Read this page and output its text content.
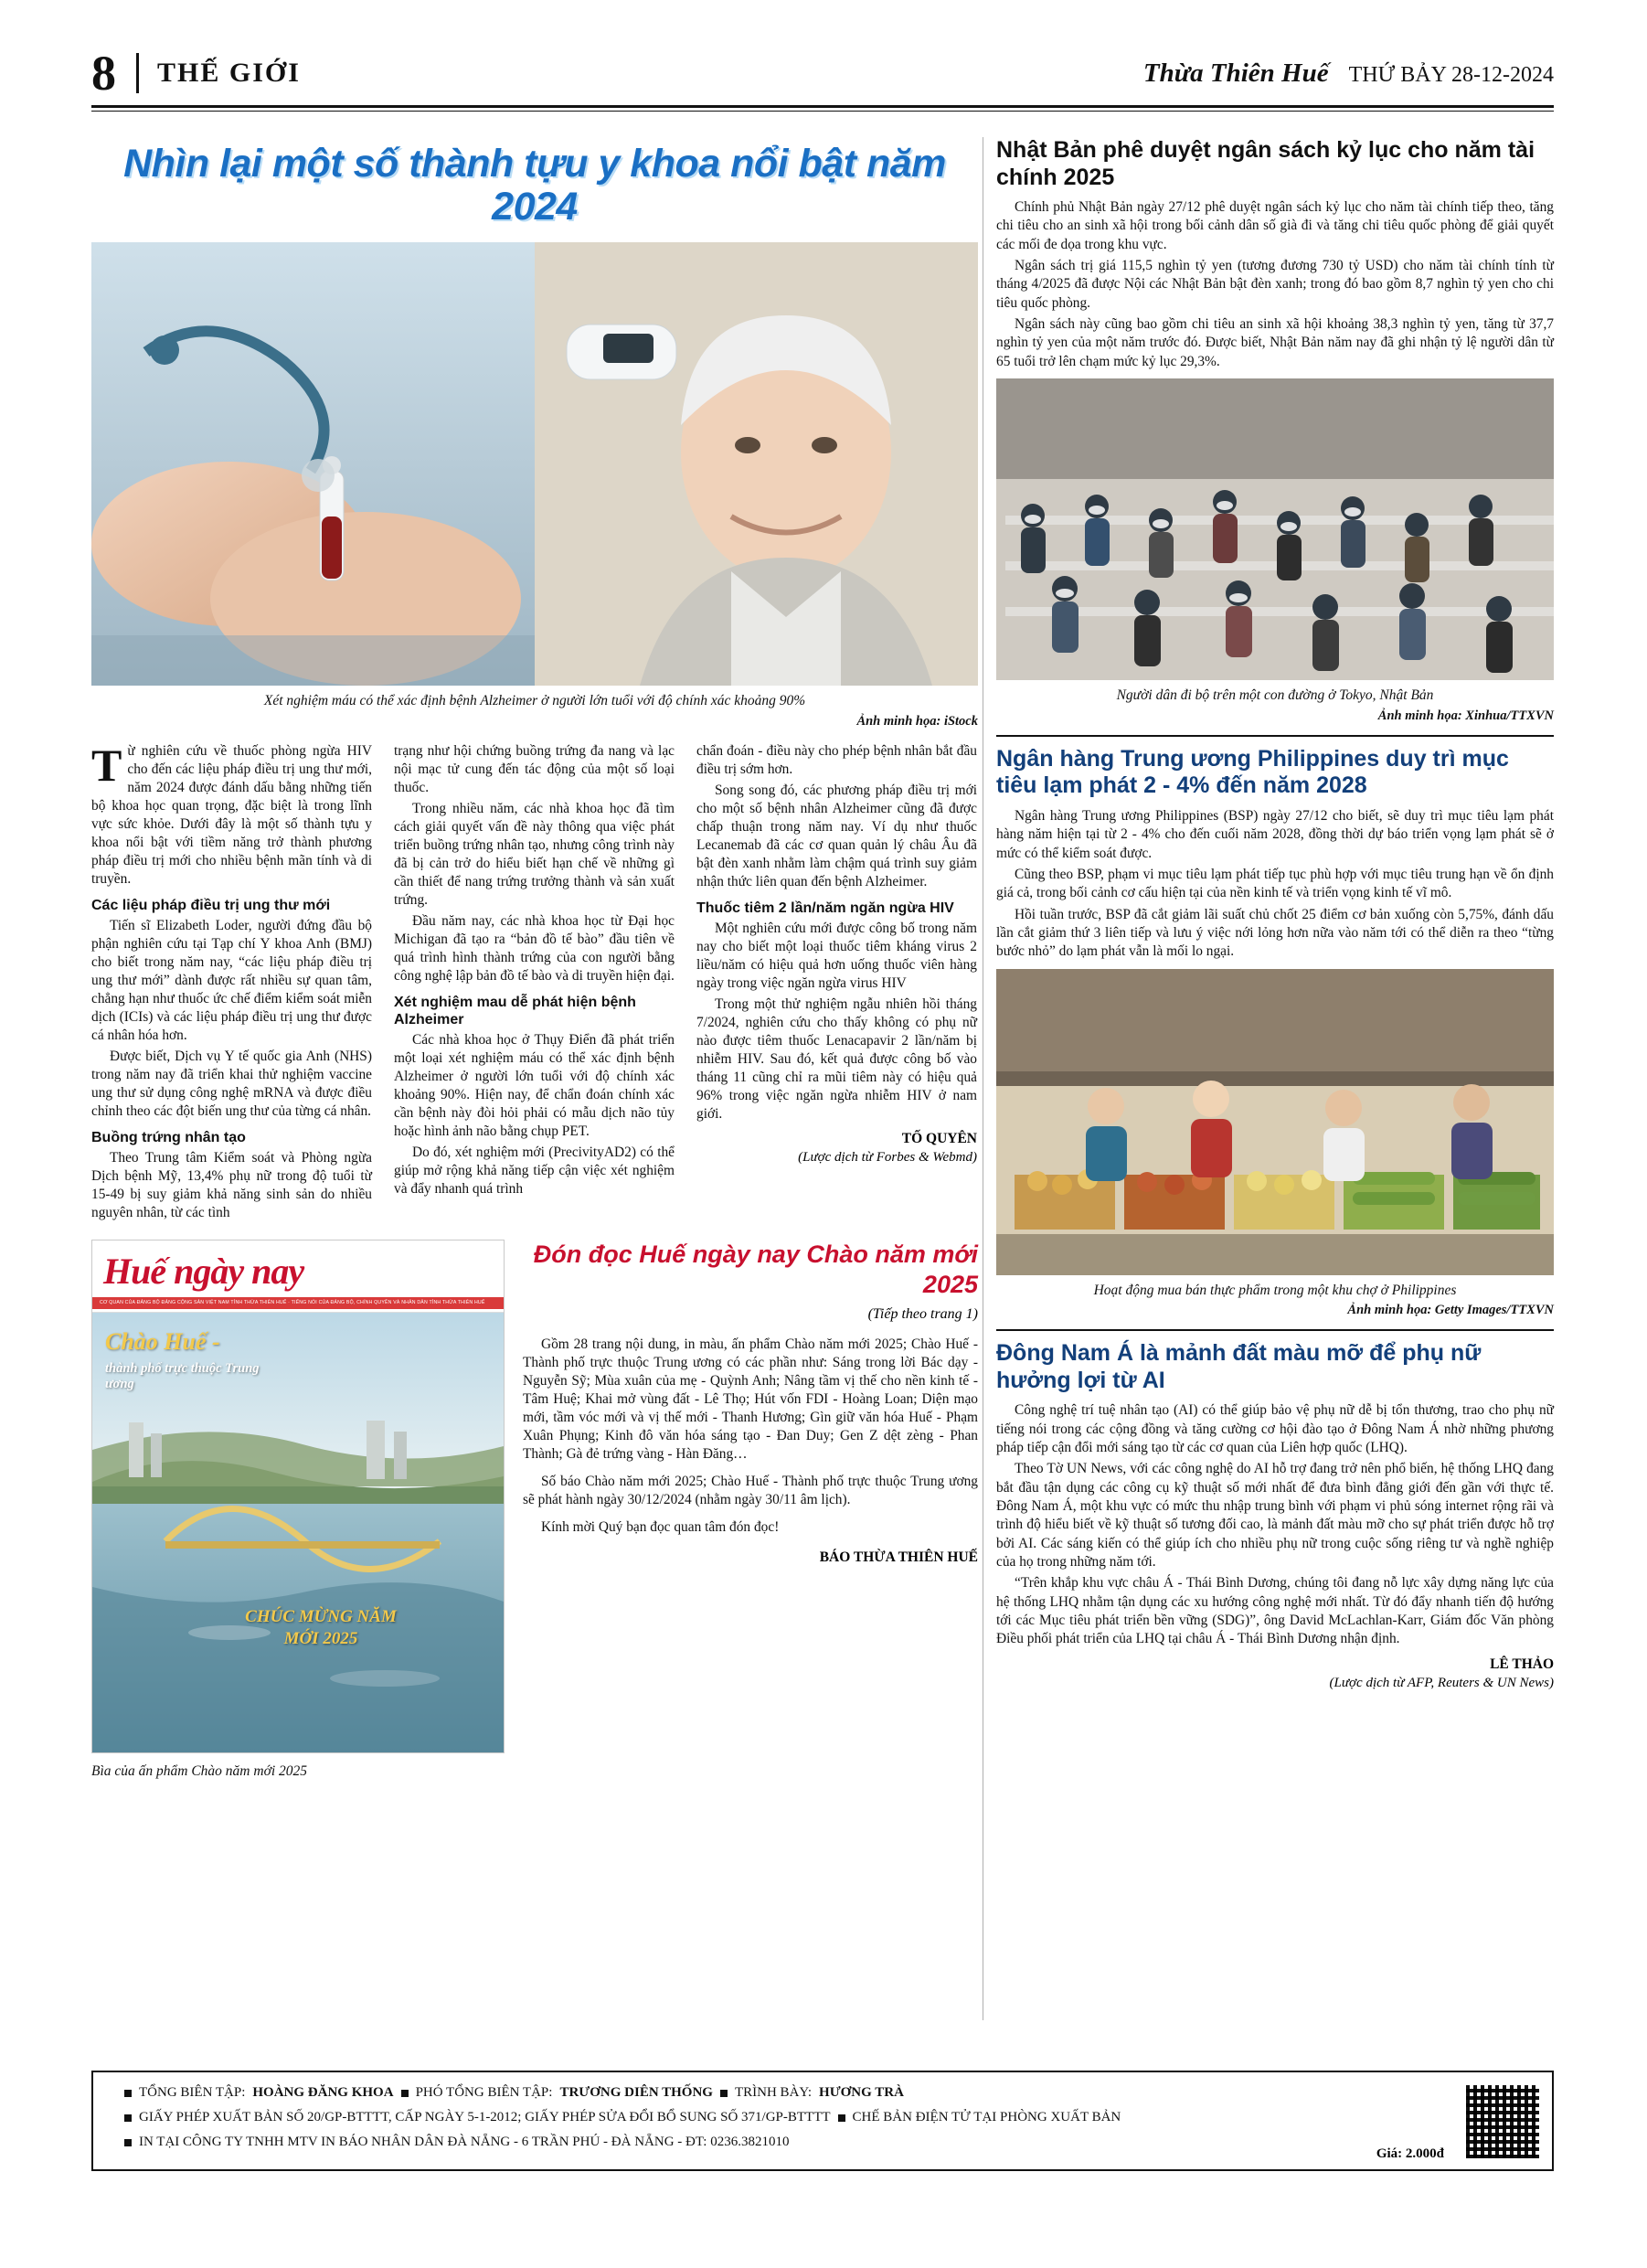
8 THẾ GIỚI	Thừa Thiên Huế THỨ BẢY 28-12-2024
Nhìn lại một số thành tựu y khoa nổi bật năm 2024
Xét nghiệm máu có thể xác định bệnh Alzheimer ở người lớn tuổi với độ chính xác khoảng 90%
Ảnh minh họa: iStock

Từ nghiên cứu về thuốc phòng ngừa HIV cho đến các liệu pháp điều trị ung thư mới, năm 2024 được đánh dấu bằng những tiến bộ khoa học quan trọng, đặc biệt là trong lĩnh vực sức khỏe. Dưới đây là một số thành tựu y khoa nổi bật với tiềm năng trở thành phương pháp điều trị mới cho nhiều bệnh mãn tính và di truyền.

Các liệu pháp điều trị ung thư mới

Tiến sĩ Elizabeth Loder, người đứng đầu bộ phận nghiên cứu tại Tạp chí Y khoa Anh (BMJ) cho biết trong năm nay, “các liệu pháp điều trị ung thư mới” dành được rất nhiều sự quan tâm, chẳng hạn như thuốc ức chế điểm kiểm soát miễn dịch (ICIs) và các liệu pháp điều trị ung thư được cá nhân hóa hơn.

Được biết, Dịch vụ Y tế quốc gia Anh (NHS) trong năm nay đã triển khai thử nghiệm vaccine ung thư sử dụng công nghệ mRNA và được điều chỉnh theo các đột biến ung thư của từng cá nhân.

Buồng trứng nhân tạo

Theo Trung tâm Kiểm soát và Phòng ngừa Dịch bệnh Mỹ, 13,4% phụ nữ trong độ tuổi từ 15-49 bị suy giảm khả năng sinh sản do nhiều nguyên nhân, từ các tình

trạng như hội chứng buồng trứng đa nang và lạc nội mạc tử cung đến tác động của một số loại thuốc.

Trong nhiều năm, các nhà khoa học đã tìm cách giải quyết vấn đề này thông qua việc phát triển buồng trứng nhân tạo, nhưng công trình này đã bị cản trở do hiểu biết hạn chế về những gì cần thiết để nang trứng trưởng thành và sản xuất trứng.

Đầu năm nay, các nhà khoa học từ Đại học Michigan đã tạo ra “bản đồ tế bào” đầu tiên về quá trình hình thành trứng của con người bằng công nghệ lập bản đồ tế bào và di truyền hiện đại.

Xét nghiệm mau dễ phát hiện bệnh Alzheimer

Các nhà khoa học ở Thụy Điển đã phát triển một loại xét nghiệm máu có thể xác định bệnh Alzheimer ở người lớn tuổi với độ chính xác khoảng 90%. Hiện nay, để chẩn đoán chính xác cần bệnh này đòi hỏi phải có mẫu dịch não tủy hoặc hình ảnh não bằng chụp PET.

Do đó, xét nghiệm mới (PrecivityAD2) có thể giúp mở rộng khả năng tiếp cận việc xét nghiệm và đẩy nhanh quá trình

chẩn đoán - điều này cho phép bệnh nhân bắt đầu điều trị sớm hơn.

Song song đó, các phương pháp điều trị mới cho một số bệnh nhân Alzheimer cũng đã được chấp thuận trong năm nay. Ví dụ như thuốc Lecanemab đã các cơ quan quản lý châu Âu đã bật đèn xanh nhằm làm chậm quá trình suy giảm nhận thức liên quan đến bệnh Alzheimer.

Thuốc tiêm 2 lần/năm ngăn ngừa HIV

Một nghiên cứu mới được công bố trong năm nay cho biết một loại thuốc tiêm kháng virus 2 liều/năm có hiệu quả hơn uống thuốc viên hàng ngày trong việc ngăn ngừa virus HIV

Trong một thử nghiệm ngẫu nhiên hồi tháng 7/2024, nghiên cứu cho thấy không có phụ nữ nào được tiêm thuốc Lenacapavir 2 lần/năm bị nhiễm HIV. Sau đó, kết quả được công bố vào tháng 11 cũng chỉ ra mũi tiêm này có hiệu quả 96% trong việc ngăn ngừa nhiễm HIV ở nam giới.

TỐ QUYÊN
(Lược dịch từ Forbes & Webmd)
Huế ngày nay
CƠ QUAN CỦA ĐẢNG BỘ ĐẢNG CỘNG SẢN VIỆT NAM TỈNH THỪA THIÊN HUẾ · TIẾNG NÓI CỦA ĐẢNG BỘ, CHÍNH QUYỀN VÀ NHÂN DÂN TỈNH THỪA THIÊN HUẾ
Chào Huế -
thành phố trực thuộc Trung ương
CHÚC MỪNG NĂM MỚI 2025
Bìa của ấn phẩm Chào năm mới 2025
Đón đọc Huế ngày nay Chào năm mới 2025
(Tiếp theo trang 1)

Gồm 28 trang nội dung, in màu, ấn phẩm Chào năm mới 2025; Chào Huế - Thành phố trực thuộc Trung ương có các phần như: Sáng trong lời Bác dạy - Nguyễn Sỹ; Mùa xuân của mẹ - Quỳnh Anh; Nâng tầm vị thế cho nền kinh tế - Tâm Huệ; Khai mở vùng đất - Lê Thọ; Hút vốn FDI - Hoàng Loan; Diện mạo mới, tầm vóc mới và vị thế mới - Thanh Hương; Gìn giữ văn hóa Huế - Phạm Xuân Phụng; Kinh đô văn hóa sáng tạo - Đan Duy; Gen Z dệt zèng - Phan Thành; Gà đẻ trứng vàng - Hàn Đăng…

Số báo Chào năm mới 2025; Chào Huế - Thành phố trực thuộc Trung ương sẽ phát hành ngày 30/12/2024 (nhằm ngày 30/11 âm lịch).

Kính mời Quý bạn đọc quan tâm đón đọc!

BÁO THỪA THIÊN HUẾ
Nhật Bản phê duyệt ngân sách kỷ lục cho năm tài chính 2025

Chính phủ Nhật Bản ngày 27/12 phê duyệt ngân sách kỷ lục cho năm tài chính tiếp theo, tăng chi tiêu cho an sinh xã hội trong bối cảnh dân số già đi và tăng chi tiêu quốc phòng để giải quyết các mối đe dọa trong khu vực.

Ngân sách trị giá 115,5 nghìn tỷ yen (tương đương 730 tỷ USD) cho năm tài chính tính từ tháng 4/2025 đã được Nội các Nhật Bản bật đèn xanh; trong đó bao gồm 8,7 nghìn tỷ yen cho chi tiêu quốc phòng.

Ngân sách này cũng bao gồm chi tiêu an sinh xã hội khoảng 38,3 nghìn tỷ yen, tăng từ 37,7 nghìn tỷ yen của một năm trước đó. Được biết, Nhật Bản năm nay đã ghi nhận tỷ lệ người dân từ 65 tuổi trở lên chạm mức kỷ lục 29,3%.

Người dân đi bộ trên một con đường ở Tokyo, Nhật Bản
Ảnh minh họa: Xinhua/TTXVN
Ngân hàng Trung ương Philippines duy trì mục tiêu lạm phát 2 - 4% đến năm 2028

Ngân hàng Trung ương Philippines (BSP) ngày 27/12 cho biết, sẽ duy trì mục tiêu lạm phát hàng năm hiện tại từ 2 - 4% cho đến cuối năm 2028, đồng thời dự báo triển vọng lạm phát sẽ ở mức có thể kiểm soát được.

Cũng theo BSP, phạm vi mục tiêu lạm phát tiếp tục phù hợp với mục tiêu trung hạn về ổn định giá cả, trong bối cảnh cơ cấu hiện tại của nền kinh tế và triển vọng kinh tế vĩ mô.

Hồi tuần trước, BSP đã cắt giảm lãi suất chủ chốt 25 điểm cơ bản xuống còn 5,75%, đánh dấu lần cắt giảm thứ 3 liên tiếp và lưu ý việc nới lỏng hơn nữa vào năm tới có thể diễn ra theo “từng bước nhỏ” do lạm phát vẫn là mối lo ngại.

Hoạt động mua bán thực phẩm trong một khu chợ ở Philippines
Ảnh minh họa: Getty Images/TTXVN
Đông Nam Á là mảnh đất màu mỡ để phụ nữ hưởng lợi từ AI

Công nghệ trí tuệ nhân tạo (AI) có thể giúp bảo vệ phụ nữ dễ bị tổn thương, trao cho phụ nữ tiếng nói trong các cộng đồng và tăng cường cơ hội đào tạo ở Đông Nam Á nhờ những phương pháp tiếp cận đổi mới sáng tạo từ các cơ quan của Liên hợp quốc (LHQ).

Theo Tờ UN News, với các công nghệ do AI hỗ trợ đang trở nên phổ biến, hệ thống LHQ đang bắt đầu tận dụng các công cụ kỹ thuật số mới nhất để đưa bình đẳng giới đến gần với thực tế. Đông Nam Á, một khu vực có mức thu nhập trung bình với phạm vi phủ sóng internet rộng rãi và trình độ hiểu biết về kỹ thuật số tương đối cao, là mảnh đất màu mỡ cho sự phát triển được hỗ trợ bởi AI. Các sáng kiến có thể giúp ích cho nhiều phụ nữ trong cuộc sống riêng tư và nghề nghiệp của họ trong những năm tới.

“Trên khắp khu vực châu Á - Thái Bình Dương, chúng tôi đang nỗ lực xây dựng năng lực của hệ thống LHQ nhằm tận dụng các xu hướng công nghệ mới nhất. Từ đó đẩy nhanh tiến độ hướng tới các Mục tiêu phát triển bền vững (SDG)”, ông David McLachlan-Karr, Giám đốc Văn phòng Điều phối phát triển của LHQ tại châu Á - Thái Bình Dương nhận định.

LÊ THẢO
(Lược dịch từ AFP, Reuters & UN News)
TỔNG BIÊN TẬP: HOÀNG ĐĂNG KHOA PHÓ TỔNG BIÊN TẬP: TRƯƠNG DIÊN THỐNG TRÌNH BÀY: HƯƠNG TRÀ
GIẤY PHÉP XUẤT BẢN SỐ 20/GP-BTTTT, CẤP NGÀY 5-1-2012; GIẤY PHÉP SỬA ĐỔI BỔ SUNG SỐ 371/GP-BTTTT CHẾ BẢN ĐIỆN TỬ TẠI PHÒNG XUẤT BẢN
IN TẠI CÔNG TY TNHH MTV IN BÁO NHÂN DÂN ĐÀ NẴNG - 6 TRẦN PHÚ - ĐÀ NẴNG - ĐT: 0236.3821010
Giá: 2.000đ
